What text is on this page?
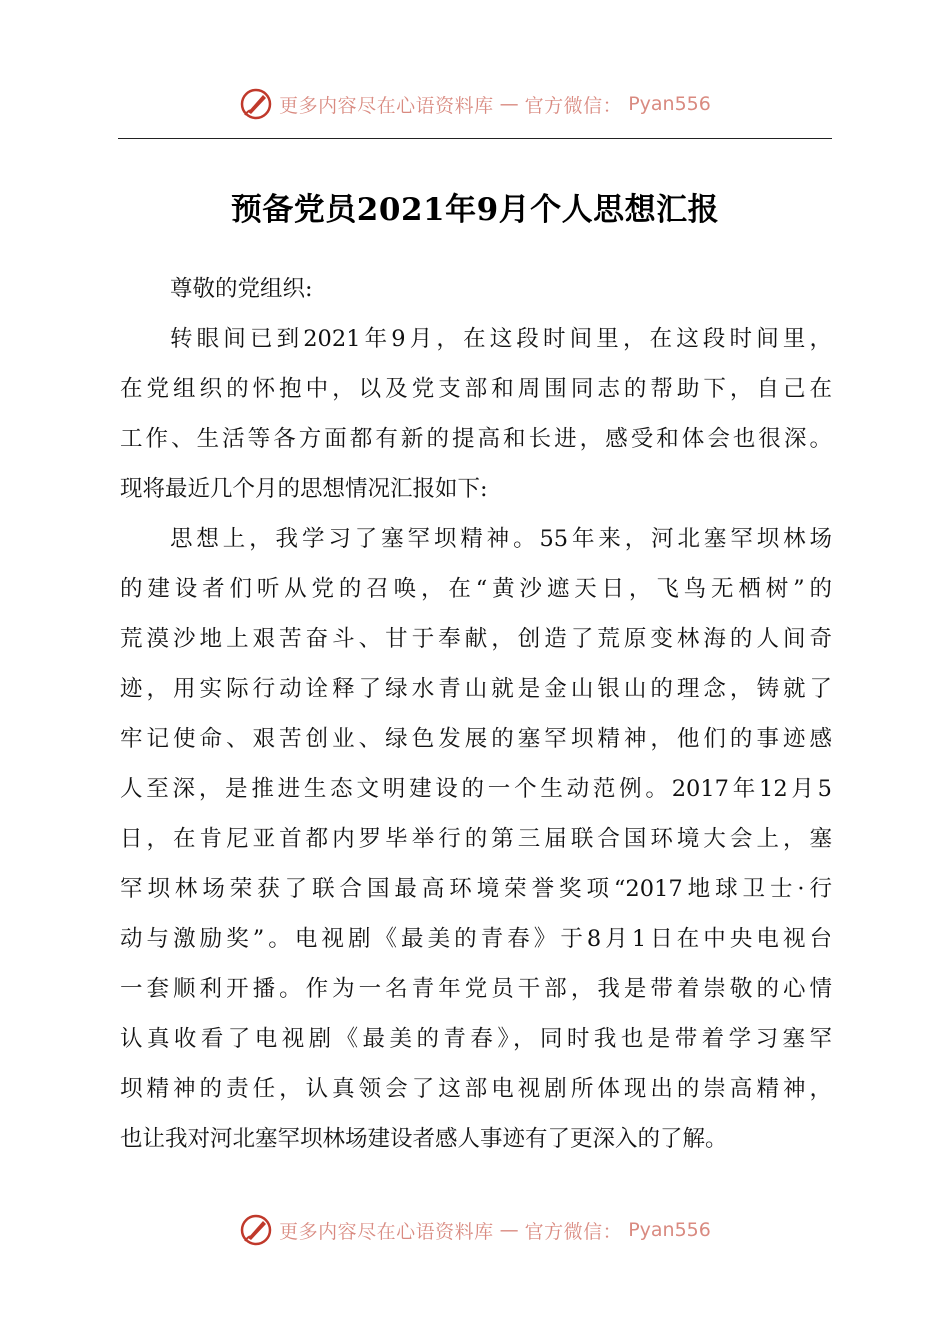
更多内容尽在心语资料库 — 官方微信： Pyan556
预备党员2021年9月个人思想汇报
尊敬的党组织:
转眼间已到2021年9月，在这段时间里，在这段时间里，
在党组织的怀抱中，以及党支部和周围同志的帮助下，自己在
工作、生活等各方面都有新的提高和长进，感受和体会也很深。
现将最近几个月的思想情况汇报如下:
思想上，我学习了塞罕坝精神。55年来，河北塞罕坝林场
的建设者们听从党的召唤，在“黄沙遮天日，飞鸟无栖树”的
荒漠沙地上艰苦奋斗、甘于奉献，创造了荒原变林海的人间奇
迹，用实际行动诠释了绿水青山就是金山银山的理念，铸就了
牢记使命、艰苦创业、绿色发展的塞罕坝精神，他们的事迹感
人至深，是推进生态文明建设的一个生动范例。2017年12月5
日，在肯尼亚首都内罗毕举行的第三届联合国环境大会上，塞
罕坝林场荣获了联合国最高环境荣誉奖项“2017地球卫士·行
动与激励奖”。电视剧《最美的青春》于8月1日在中央电视台
一套顺利开播。作为一名青年党员干部，我是带着崇敬的心情
认真收看了电视剧《最美的青春》，同时我也是带着学习塞罕
坝精神的责任，认真领会了这部电视剧所体现出的崇高精神，
也让我对河北塞罕坝林场建设者感人事迹有了更深入的了解。
更多内容尽在心语资料库 — 官方微信： Pyan556
